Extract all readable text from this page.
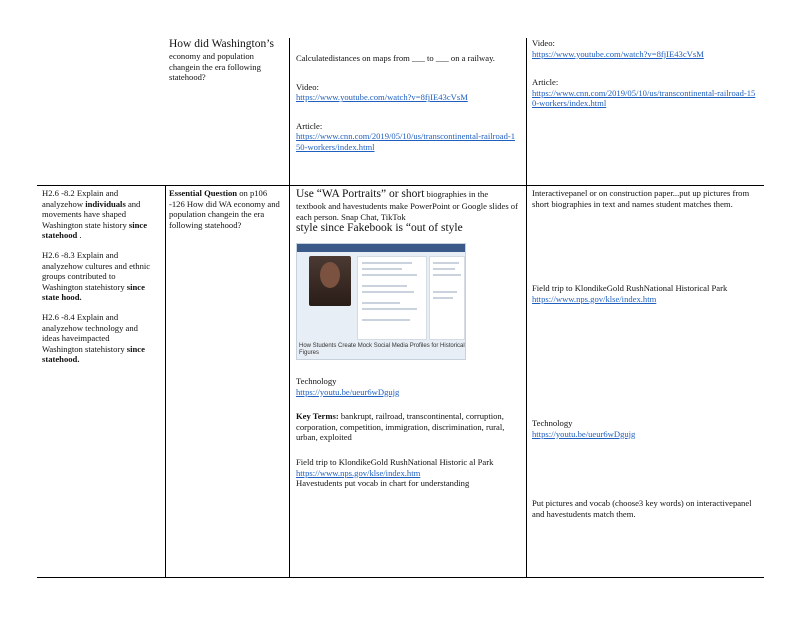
How did Washington’s
economy and population changein the era following statehood?

Calculatedistances on maps from ___ to ___ on a railway.

Video:
https://www.youtube.com/watch?v=8fjIE43cVsM
Article:
https://www.cnn.com/2019/05/10/us/transcontinental-railroad-150-workers/index.html
Video:
https://www.youtube.com/watch?v=8fjIE43cVsM
Article:
https://www.cnn.com/2019/05/10/us/transcontinental-railroad-150-workers/index.html

H2.6 -8.2 Explain and analyzehow individuals and movements have shaped Washington state history since statehood .

H2.6 -8.3 Explain and analyzehow cultures and ethnic groups contributed to Washington statehistory since state hood.

H2.6 -8.4 Explain and analyzehow technology and ideas haveimpacted Washington statehistory since statehood.

Essential Question on p106 -126 How did WA economy and population changein the era following statehood?
Use “WA Portraits” or short biographies in the textbook and havestudents make PowerPoint or Google slides of each person. Snap Chat, TikTok
style since Fakebook is “out of style
How Students Create Mock Social Media Profiles for Historical Figures
Technology
https://youtu.be/ueur6wDgujg

Key Terms: bankrupt, railroad, transcontinental, corruption, corporation, competition, immigration, discrimination, rural, urban, exploited

Field trip to KlondikeGold RushNational Historic al Park
https://www.nps.gov/klse/index.htm
Havestudents put vocab in chart for understanding
Interactivepanel or on construction paper...put up pictures from short biographies in text and names student matches them.
Field trip to KlondikeGold RushNational Historical Park
https://www.nps.gov/klse/index.htm
Technology
https://youtu.be/ueur6wDgujg
Put pictures and vocab (choose3 key words) on interactivepanel and havestudents match them.
